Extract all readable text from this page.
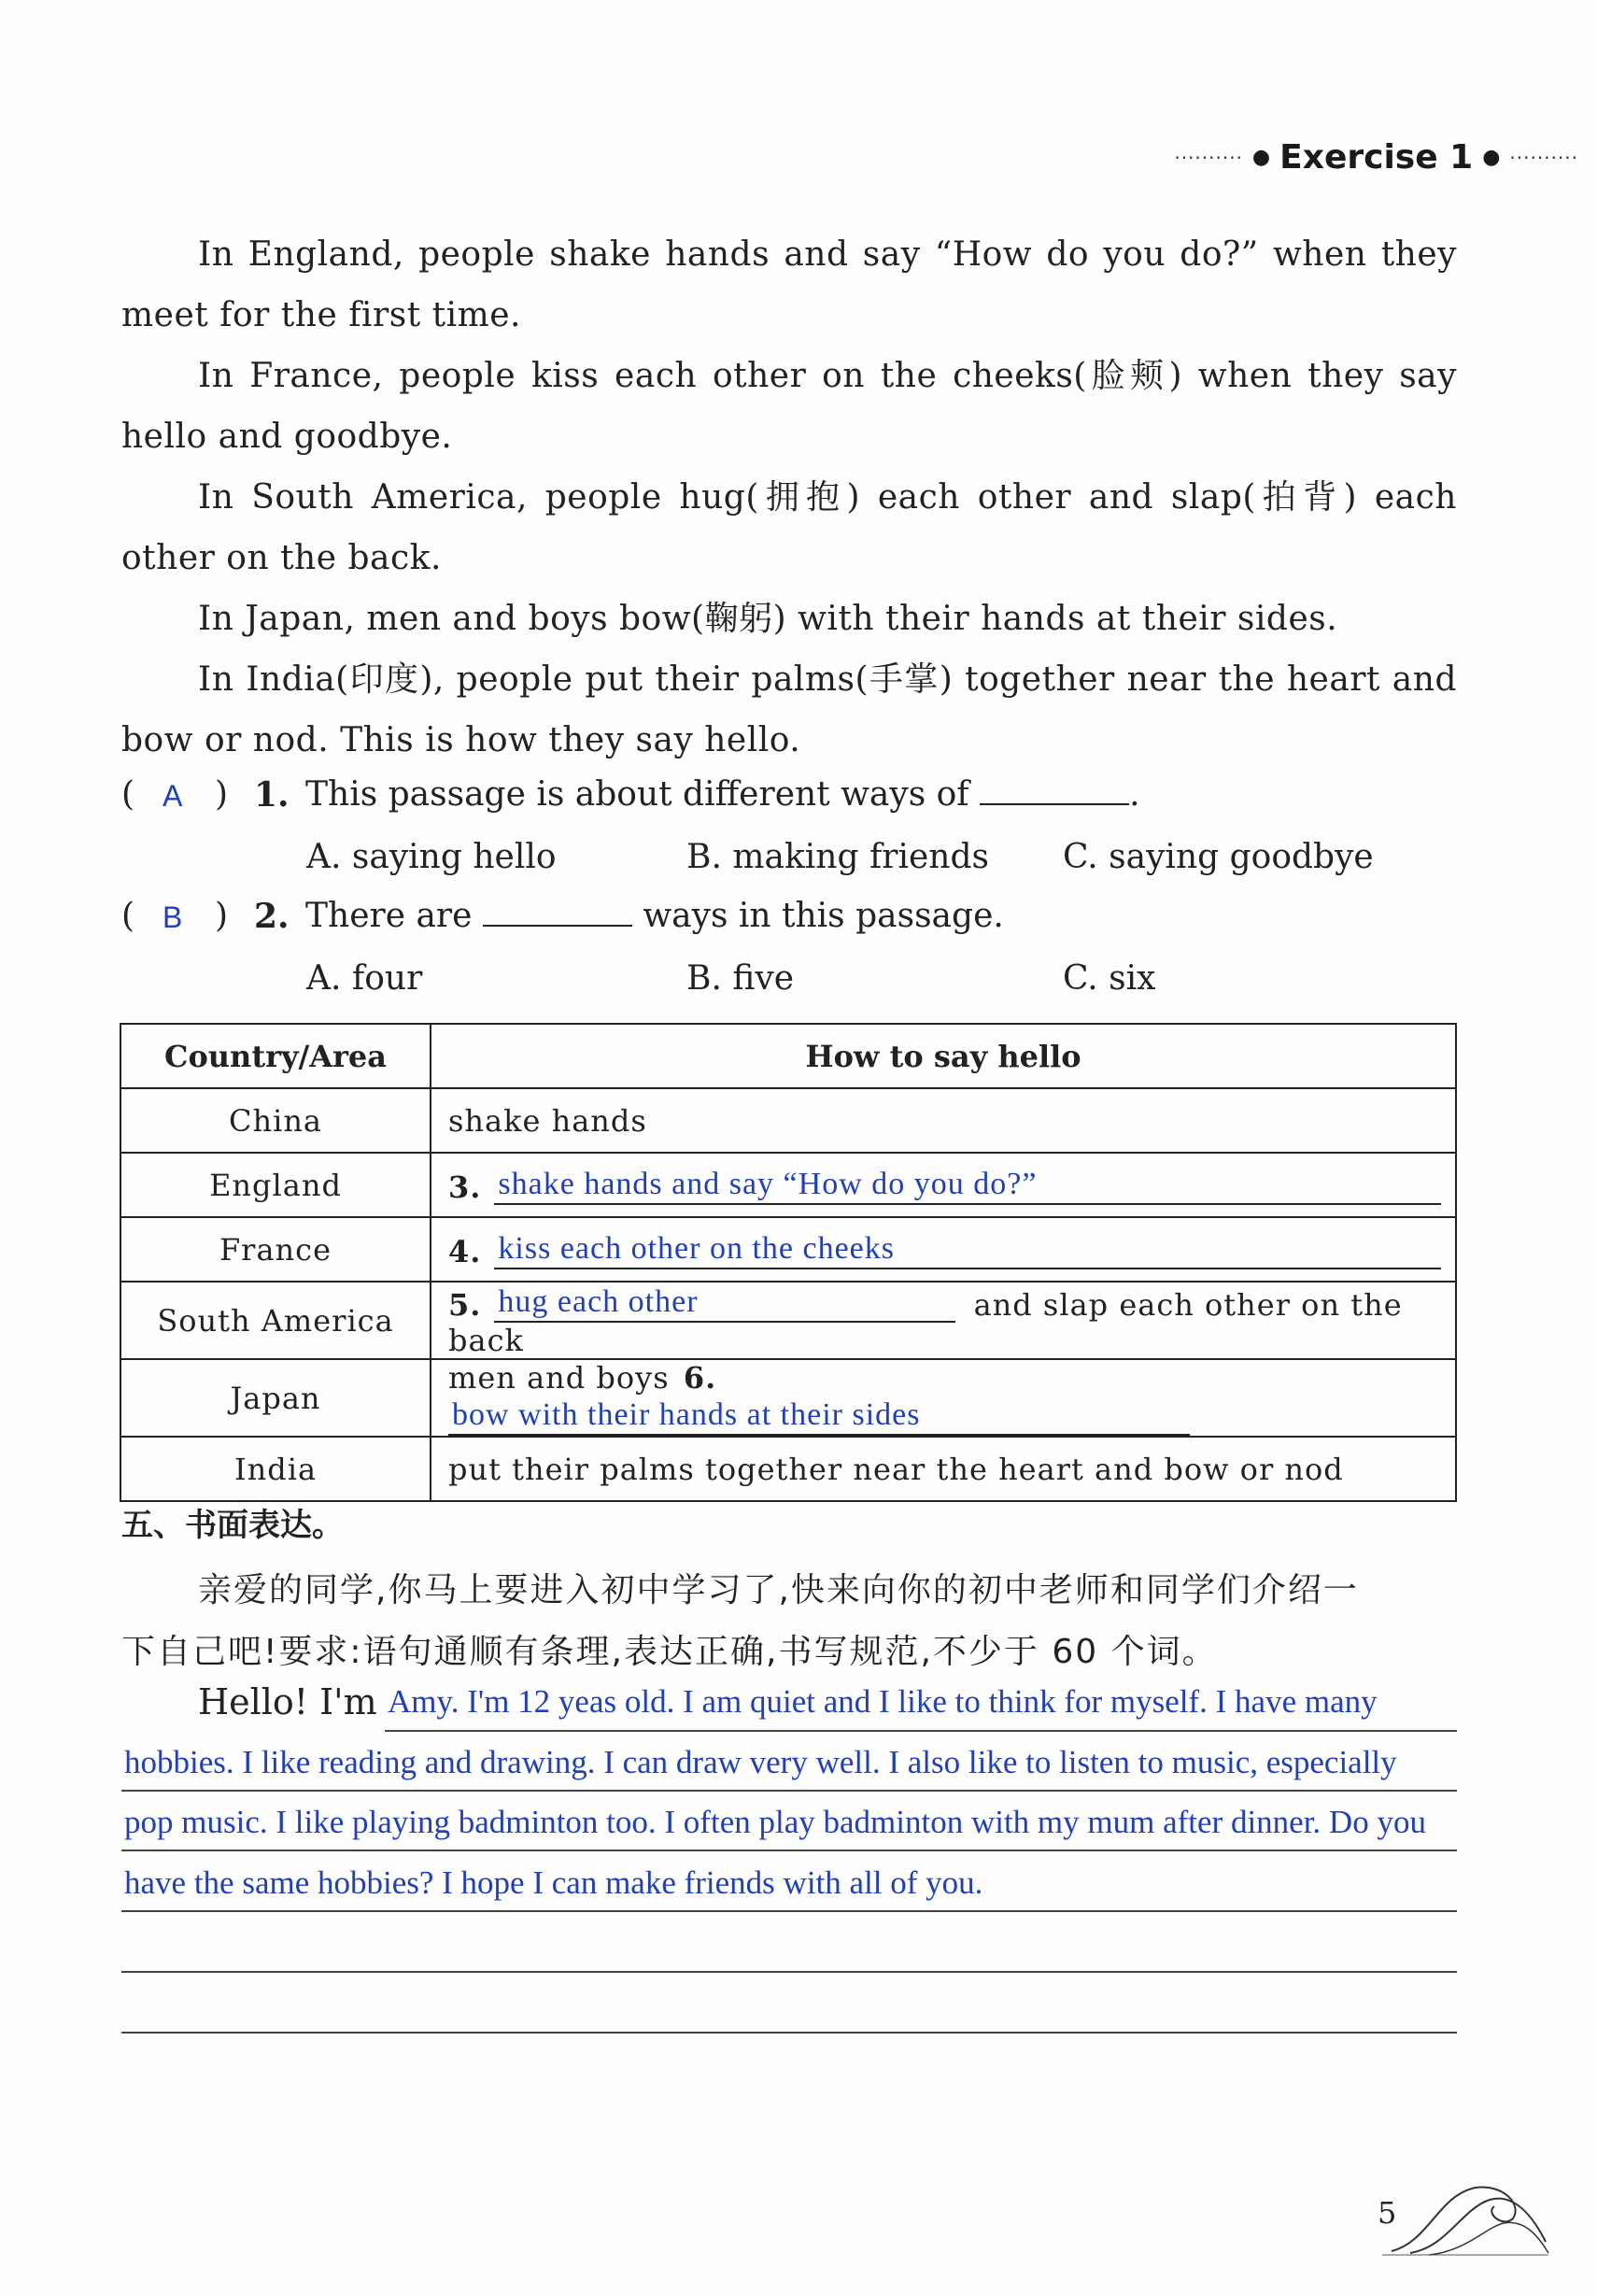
·········· ● Exercise 1 ● ··········
In England, people shake hands and say “How do you do?” when they meet for the first time.
In France, people kiss each other on the cheeks(脸颊) when they say hello and goodbye.
In South America, people hug(拥抱) each other and slap(拍背) each other on the back.
In Japan, men and boys bow(鞠躬) with their hands at their sides.
In India(印度), people put their palms(手掌) together near the heart and bow or nod. This is how they say hello.
( A ) 1. This passage is about different ways of	.
A. saying hello	B. making friends C. saying goodbye
( B ) 2. There are	ways in this passage.
A. four	B. five	C. six
Country/Area	How to say hello
China	shake hands
England	3. shake hands and say “How do you do?”
France	4. kiss each other on the cheeks
South America	5. hug each other and slap each other on the back
Japan	men and boys 6.bow with their hands at their sides
India	put their palms together near the heart and bow or nod
五、书面表达。
亲爱的同学,你马上要进入初中学习了,快来向你的初中老师和同学们介绍一
下自己吧!要求:语句通顺有条理,表达正确,书写规范,不少于 60 个词。
Hello! I'm Amy. I'm 12 yeas old. I am quiet and I like to think for myself. I have many
hobbies. I like reading and drawing. I can draw very well. I also like to listen to music, especially
pop music. I like playing badminton too. I often play badminton with my mum after dinner. Do you
have the same hobbies? I hope I can make friends with all of you.
5
